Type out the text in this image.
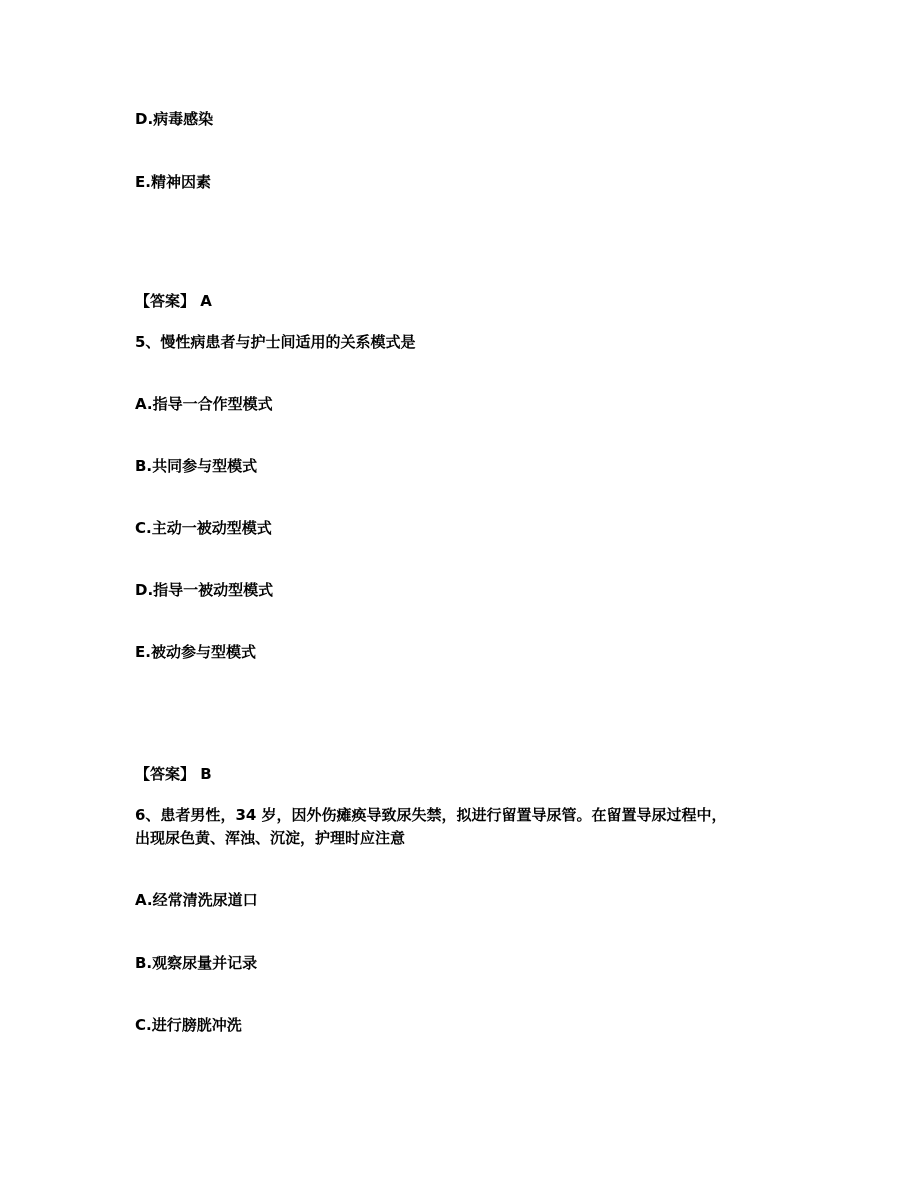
D.病毒感染
E.精神因素
【答案】 A
5、慢性病患者与护士间适用的关系模式是
A.指导一合作型模式
B.共同参与型模式
C.主动一被动型模式
D.指导一被动型模式
E.被动参与型模式
【答案】 B
6、患者男性，34 岁，因外伤瘫痪导致尿失禁，拟进行留置导尿管。在留置导尿过程中，
出现尿色黄、浑浊、沉淀，护理时应注意
A.经常清洗尿道口
B.观察尿量并记录
C.进行膀胱冲洗
